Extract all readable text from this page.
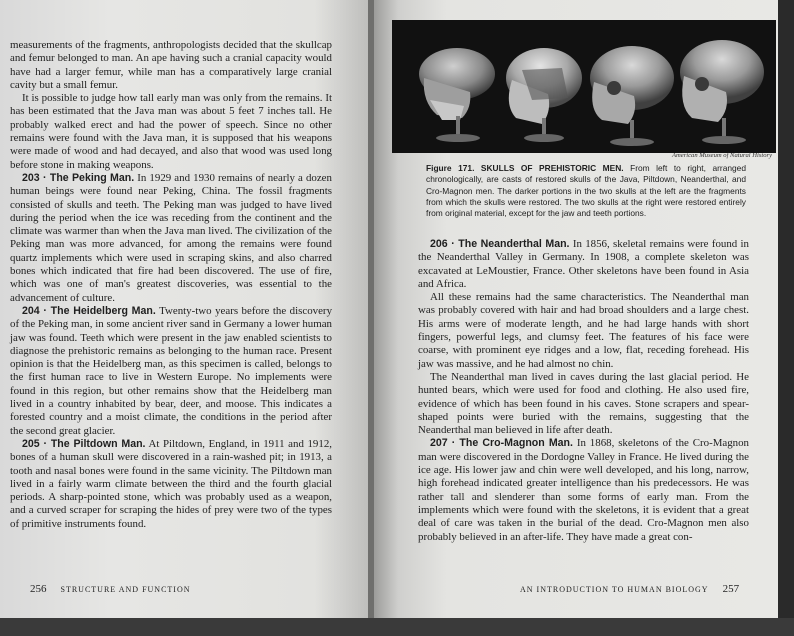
measurements of the fragments, anthropologists decided that the skullcap and femur belonged to man. An ape having such a cranial capacity would have had a larger femur, while man has a comparatively large cranial cavity but a small femur.

It is possible to judge how tall early man was only from the remains. It has been estimated that the Java man was about 5 feet 7 inches tall. He probably walked erect and had the power of speech. Since no other remains were found with the Java man, it is supposed that his weapons were made of wood and had decayed, and also that wood was used long before stone in making weapons.

203 · The Peking Man. In 1929 and 1930 remains of nearly a dozen human beings were found near Peking, China. The fossil fragments consisted of skulls and teeth. The Peking man was judged to have lived during the period when the ice was receding from the continent and the climate was warmer than when the Java man lived. The civilization of the Peking man was more advanced, for among the remains were found quartz implements which were used in scraping skins, and also charred bones which indicated that fire had been discovered. The use of fire, which was one of man's greatest discoveries, was essential to the advancement of culture.

204 · The Heidelberg Man. Twenty-two years before the discovery of the Peking man, in some ancient river sand in Germany a lower human jaw was found. Teeth which were present in the jaw enabled scientists to diagnose the prehistoric remains as belonging to the human race. Present opinion is that the Heidelberg man, as this specimen is called, belongs to the first human race to live in Western Europe. No implements were found in this region, but other remains show that the Heidelberg man lived in a country inhabited by bear, deer, and moose. This indicates a forested country and a moist climate, the conditions in the period after the second great glacier.

205 · The Piltdown Man. At Piltdown, England, in 1911 and 1912, bones of a human skull were discovered in a rain-washed pit; in 1913, a tooth and nasal bones were found in the same vicinity. The Piltdown man lived in a fairly warm climate between the third and the fourth glacial periods. A sharp-pointed stone, which was probably used as a weapon, and a curved scraper for scraping the hides of prey were two of the types of primitive instruments found.

256 STRUCTURE AND FUNCTION
American Museum of Natural History
Figure 171. SKULLS OF PREHISTORIC MEN. From left to right, arranged chronologically, are casts of restored skulls of the Java, Piltdown, Neanderthal, and Cro-Magnon men. The darker portions in the two skulls at the left are the fragments from which the skulls were restored. The two skulls at the right were restored entirely from original material, except for the jaw and teeth portions.

206 · The Neanderthal Man. In 1856, skeletal remains were found in the Neanderthal Valley in Germany. In 1908, a complete skeleton was excavated at LeMoustier, France. Other skeletons have been found in Asia and Africa.

All these remains had the same characteristics. The Neanderthal man was probably covered with hair and had broad shoulders and a large chest. His arms were of moderate length, and he had large hands with short fingers, powerful legs, and clumsy feet. The features of his face were coarse, with prominent eye ridges and a low, flat, receding forehead. His jaw was massive, and he had almost no chin.

The Neanderthal man lived in caves during the last glacial period. He hunted bears, which were used for food and clothing. He also used fire, evidence of which has been found in his caves. Stone scrapers and spear-shaped points were buried with the remains, suggesting that the Neanderthal man believed in life after death.

207 · The Cro-Magnon Man. In 1868, skeletons of the Cro-Magnon man were discovered in the Dordogne Valley in France. He lived during the ice age. His lower jaw and chin were well developed, and his long, narrow, high forehead indicated greater intelligence than his predecessors. He was rather tall and slenderer than some forms of early man. From the implements which were found with the skeletons, it is evident that a great deal of care was taken in the burial of the dead. Cro-Magnon men also probably believed in an after-life. They have made a great con-

AN INTRODUCTION TO HUMAN BIOLOGY 257
